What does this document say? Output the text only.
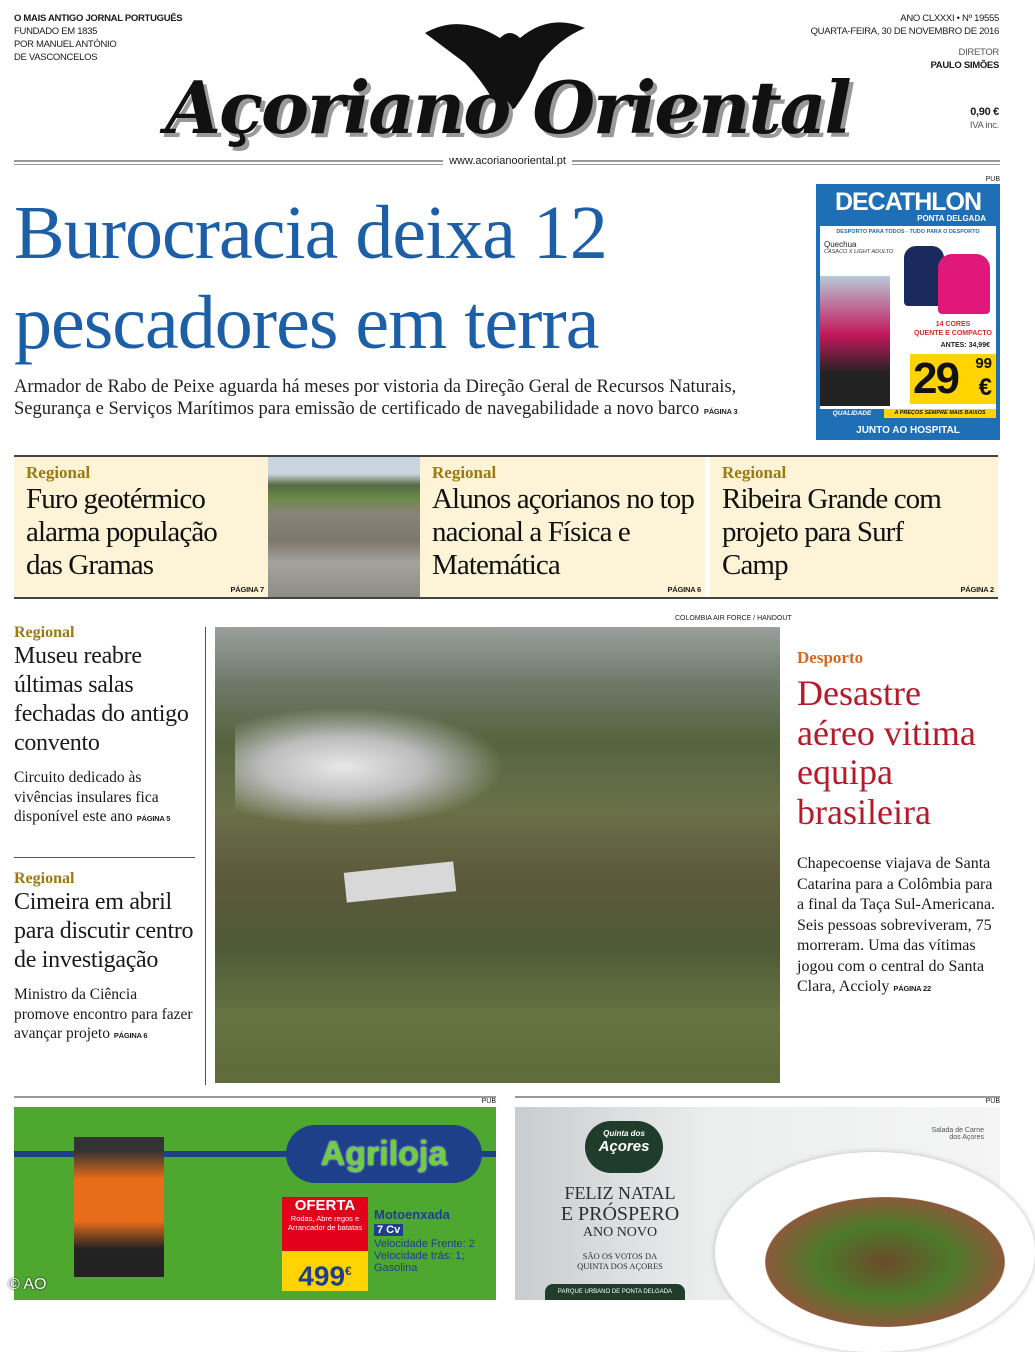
O MAIS ANTIGO JORNAL PORTUGUÊS
FUNDADO EM 1835
POR MANUEL ANTÓNIO
DE VASCONCELOS
Açoriano Oriental
ANO CLXXXI • Nº 19555
QUARTA-FEIRA, 30 DE NOVEMBRO DE 2016
DIRETOR
PAULO SIMÕES
0,90 €
IVA inc.
www.acorianooriental.pt
Burocracia deixa 12
pescadores em terra
Armador de Rabo de Peixe aguarda há meses por vistoria da Direção Geral de Recursos Naturais, Segurança e Serviços Marítimos para emissão de certificado de navegabilidade a novo barco PÁGINA 3
PUB
DECATHLON
PONTA DELGADA
DESPORTO PARA TODOS - TUDO PARA O DESPORTO
Quechua
CASACO X LIGHT ADULTO
14 CORES
QUENTE E COMPACTO
ANTES: 34,99€
29 99
€
QUALIDADE	A PREÇOS SEMPRE MAIS BAIXOS
JUNTO AO HOSPITAL
Regional
Furo geotérmico alarma população das Gramas
PÁGINA 7
Regional
Alunos açorianos no top nacional a Física e Matemática
PÁGINA 6
Regional
Ribeira Grande com projeto para Surf Camp
PÁGINA 2
Regional
Museu reabre últimas salas fechadas do antigo convento

Circuito dedicado às vivências insulares fica disponível este ano PÁGINA 5

Regional
Cimeira em abril para discutir centro de investigação

Ministro da Ciência promove encontro para fazer avançar projeto PÁGINA 6

COLOMBIA AIR FORCE / HANDOUT
Desporto
Desastre aéreo vitima equipa brasileira

Chapecoense viajava de Santa Catarina para a Colômbia para a final da Taça Sul-Americana. Seis pessoas sobreviveram, 75 morreram. Uma das vítimas jogou com o central do Santa Clara, Accioly PÁGINA 22

PUB
Agriloja
OFERTA
Rodas, Abre regos e Arrancador de batatas
499€
Motoenxada
7 Cv
Velocidade Frente: 2
Velocidade trás: 1;
Gasolina
© AO
PUB
Quinta dos
Açores
Salada de Carne dos Açores
FELIZ NATAL
E PRÓSPERO
ANO NOVO
SÃO OS VOTOS DA
QUINTA DOS AÇORES
PARQUE URBANO DE PONTA DELGADA
